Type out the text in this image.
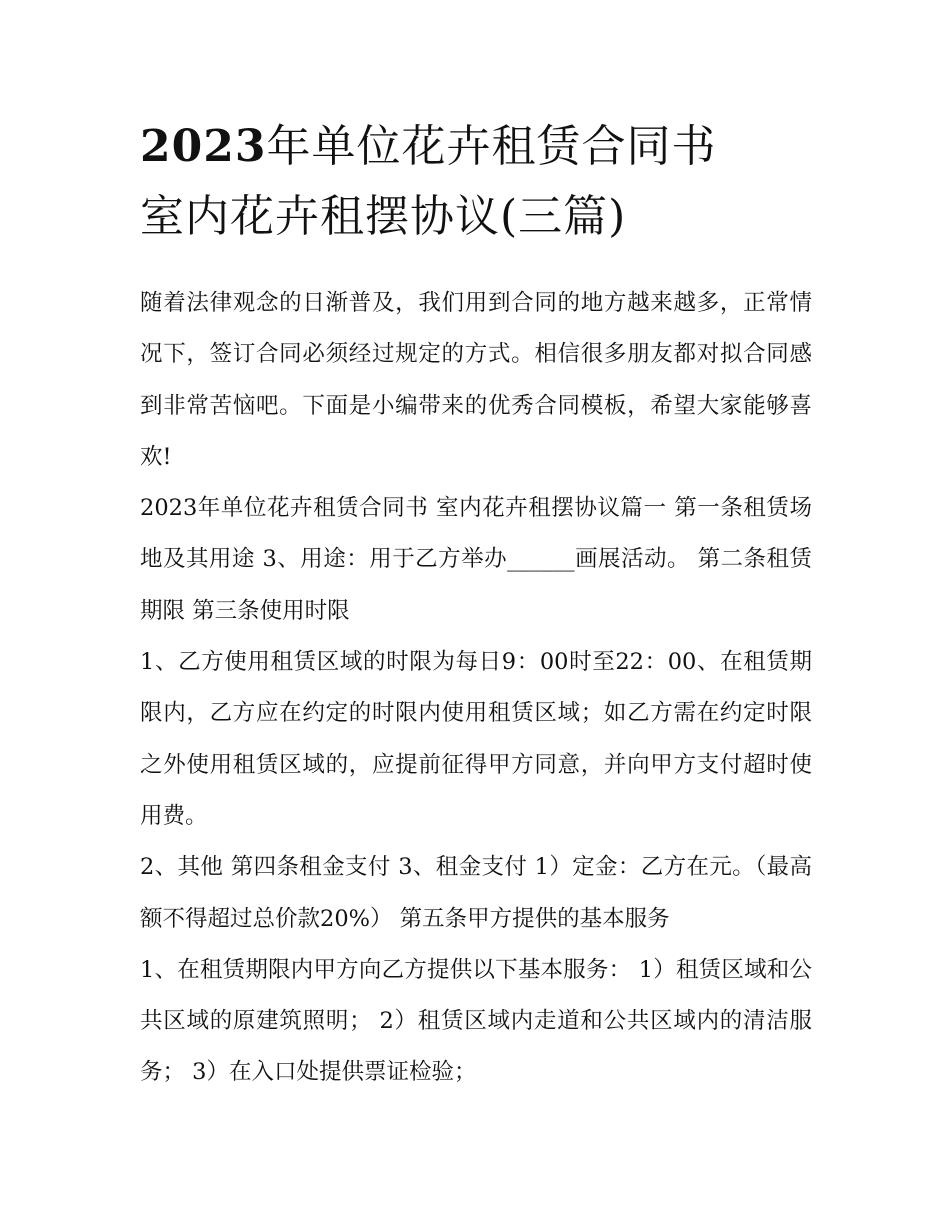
2023年单位花卉租赁合同书
室内花卉租摆协议(三篇)

随着法律观念的日渐普及，我们用到合同的地方越来越多，正常情况下，签订合同必须经过规定的方式。相信很多朋友都对拟合同感到非常苦恼吧。下面是小编带来的优秀合同模板，希望大家能够喜欢!

2023年单位花卉租赁合同书 室内花卉租摆协议篇一 第一条租赁场地及其用途 3、用途：用于乙方举办______画展活动。 第二条租赁期限 第三条使用时限

1、乙方使用租赁区域的时限为每日9：00时至22：00、在租赁期限内，乙方应在约定的时限内使用租赁区域；如乙方需在约定时限之外使用租赁区域的，应提前征得甲方同意，并向甲方支付超时使用费。

2、其他 第四条租金支付 3、租金支付 1）定金：乙方在元。（最高额不得超过总价款20%） 第五条甲方提供的基本服务

1、在租赁期限内甲方向乙方提供以下基本服务： 1）租赁区域和公共区域的原建筑照明； 2）租赁区域内走道和公共区域内的清洁服务； 3）在入口处提供票证检验；
